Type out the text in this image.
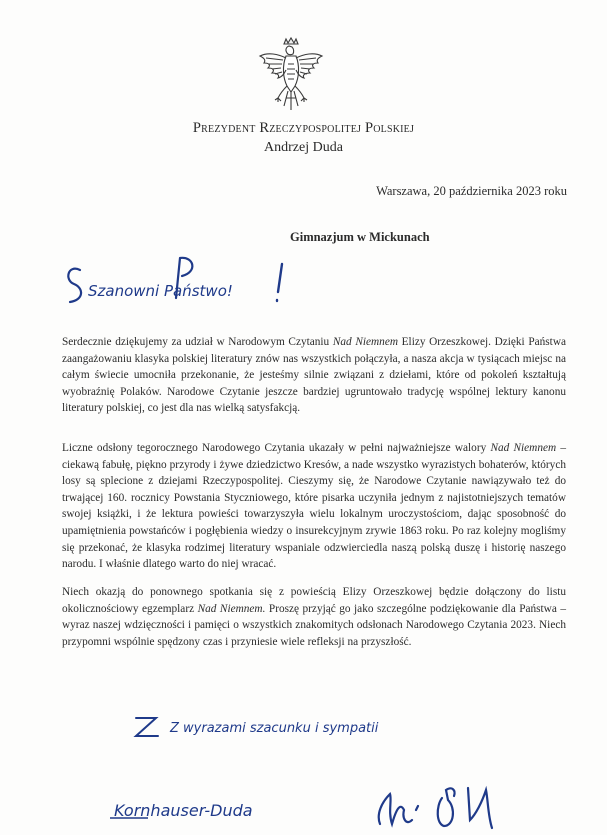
Prezydent Rzeczypospolitej Polskiej
Andrzej Duda
Warszawa, 20 października 2023 roku
Gimnazjum w Mickunach
Szanowni Państwo!

Serdecznie dziękujemy za udział w Narodowym Czytaniu Nad Niemnem Elizy Orzeszkowej. Dzięki Państwa zaangażowaniu klasyka polskiej literatury znów nas wszystkich połączyła, a nasza akcja w tysiącach miejsc na całym świecie umocniła przekonanie, że jesteśmy silnie związani z dziełami, które od pokoleń kształtują wyobraźnię Polaków. Narodowe Czytanie jeszcze bardziej ugruntowało tradycję wspólnej lektury kanonu literatury polskiej, co jest dla nas wielką satysfakcją.

Liczne odsłony tegorocznego Narodowego Czytania ukazały w pełni najważniejsze walory Nad Niemnem – ciekawą fabułę, piękno przyrody i żywe dziedzictwo Kresów, a nade wszystko wyrazistych bohaterów, których losy są splecione z dziejami Rzeczypospolitej. Cieszymy się, że Narodowe Czytanie nawiązywało też do trwającej 160. rocznicy Powstania Styczniowego, które pisarka uczyniła jednym z najistotniejszych tematów swojej książki, i że lektura powieści towarzyszyła wielu lokalnym uroczystościom, dając sposobność do upamiętnienia powstańców i pogłębienia wiedzy o insurekcyjnym zrywie 1863 roku. Po raz kolejny mogliśmy się przekonać, że klasyka rodzimej literatury wspaniale odzwierciedla naszą polską duszę i historię naszego narodu. I właśnie dlatego warto do niej wracać.

Niech okazją do ponownego spotkania się z powieścią Elizy Orzeszkowej będzie dołączony do listu okolicznościowy egzemplarz Nad Niemnem. Proszę przyjąć go jako szczególne podziękowanie dla Państwa – wyraz naszej wdzięczności i pamięci o wszystkich znakomitych odsłonach Narodowego Czytania 2023. Niech przypomni wspólnie spędzony czas i przyniesie wiele refleksji na przyszłość.

Z wyrazami szacunku i sympatii
Kornhauser-Duda
